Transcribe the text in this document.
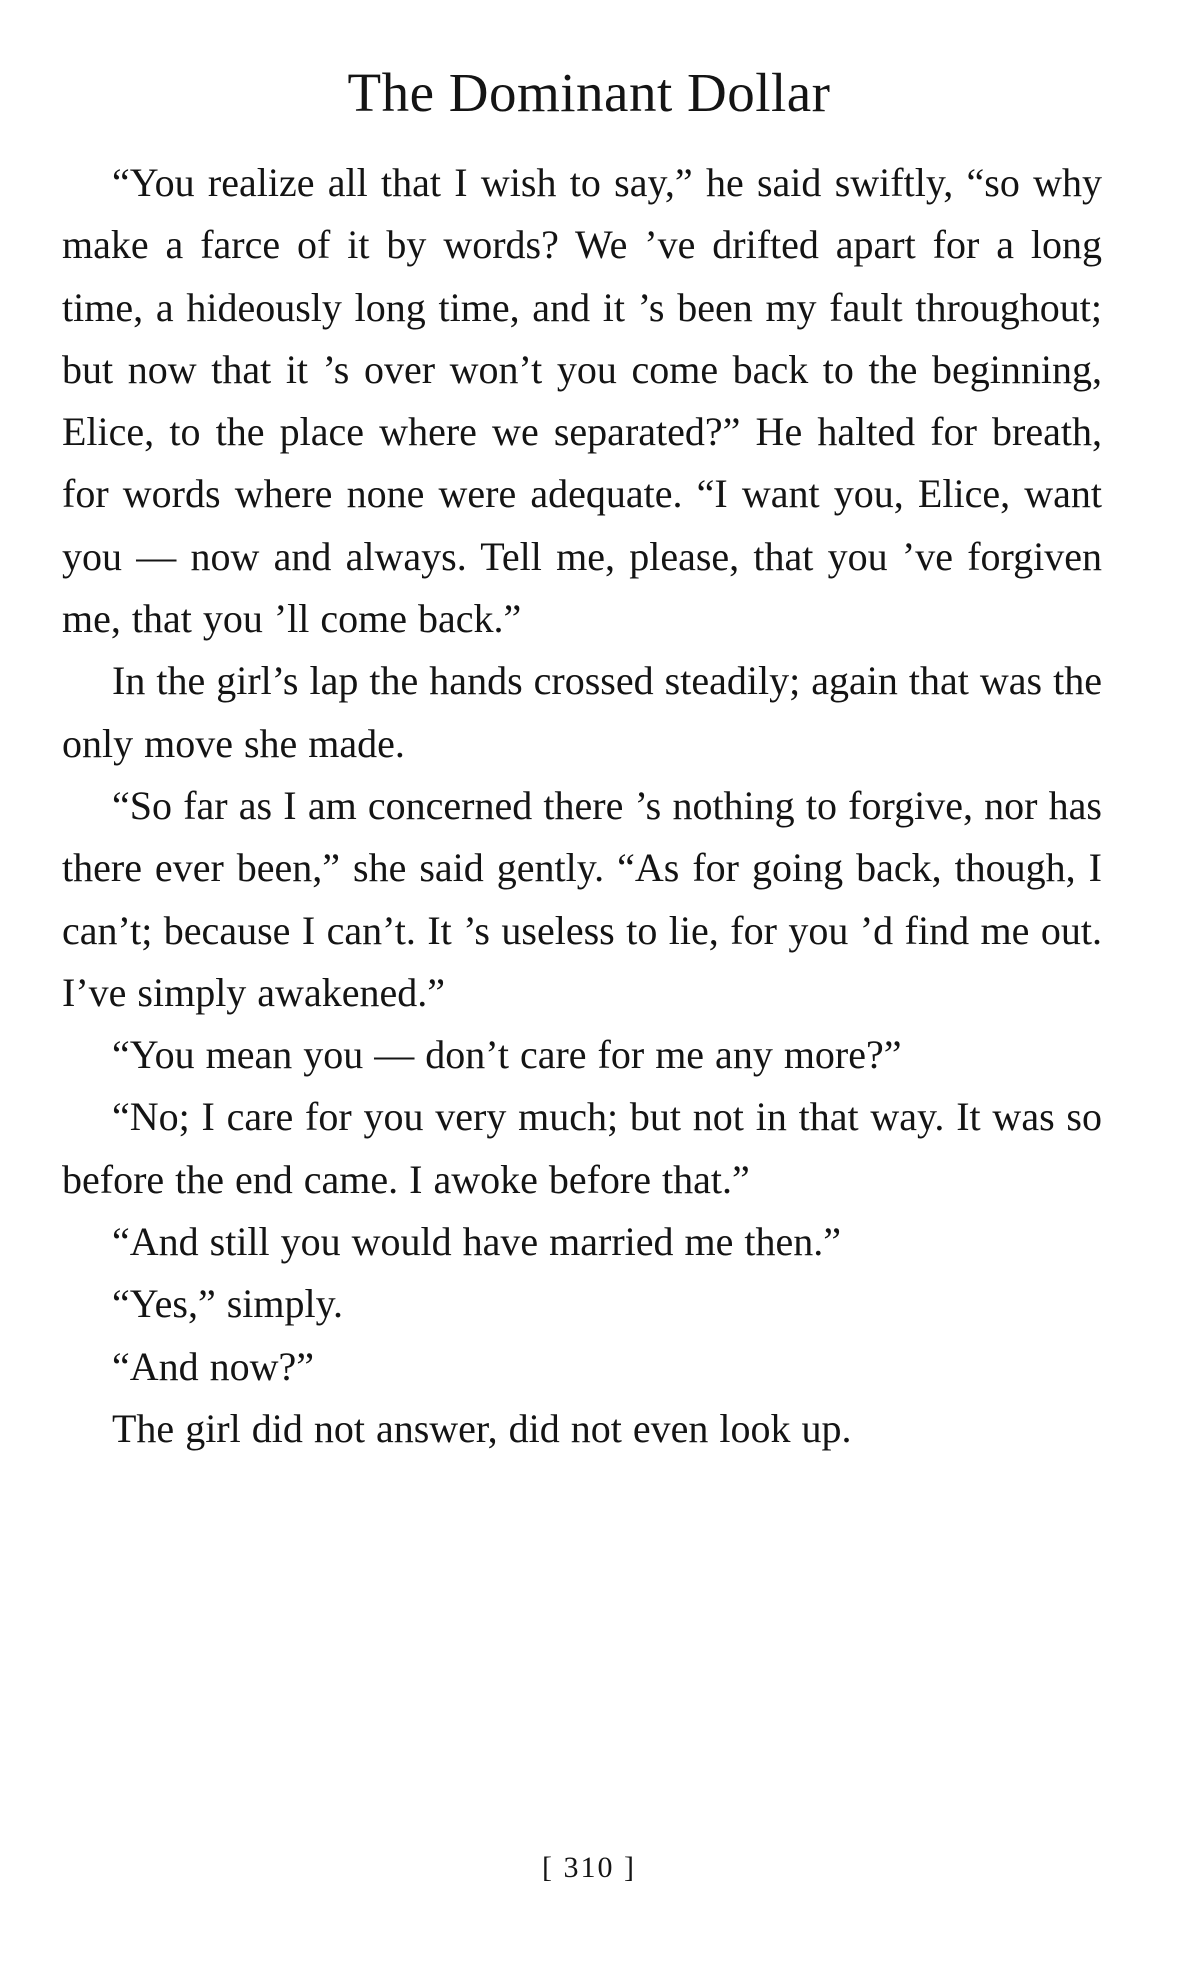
The Dominant Dollar

“You realize all that I wish to say,” he said swiftly, “so why make a farce of it by words? We ’ve drifted apart for a long time, a hideously long time, and it ’s been my fault throughout; but now that it ’s over won’t you come back to the beginning, Elice, to the place where we separated?” He halted for breath, for words where none were adequate. “I want you, Elice, want you — now and always. Tell me, please, that you ’ve forgiven me, that you ’ll come back.”

In the girl’s lap the hands crossed steadily; again that was the only move she made.

“So far as I am concerned there ’s nothing to forgive, nor has there ever been,” she said gently. “As for going back, though, I can’t; because I can’t. It ’s useless to lie, for you ’d find me out. I’ve simply awakened.”

“You mean you — don’t care for me any more?”

“No; I care for you very much; but not in that way. It was so before the end came. I awoke before that.”

“And still you would have married me then.”

“Yes,” simply.

“And now?”

The girl did not answer, did not even look up.

[ 310 ]
